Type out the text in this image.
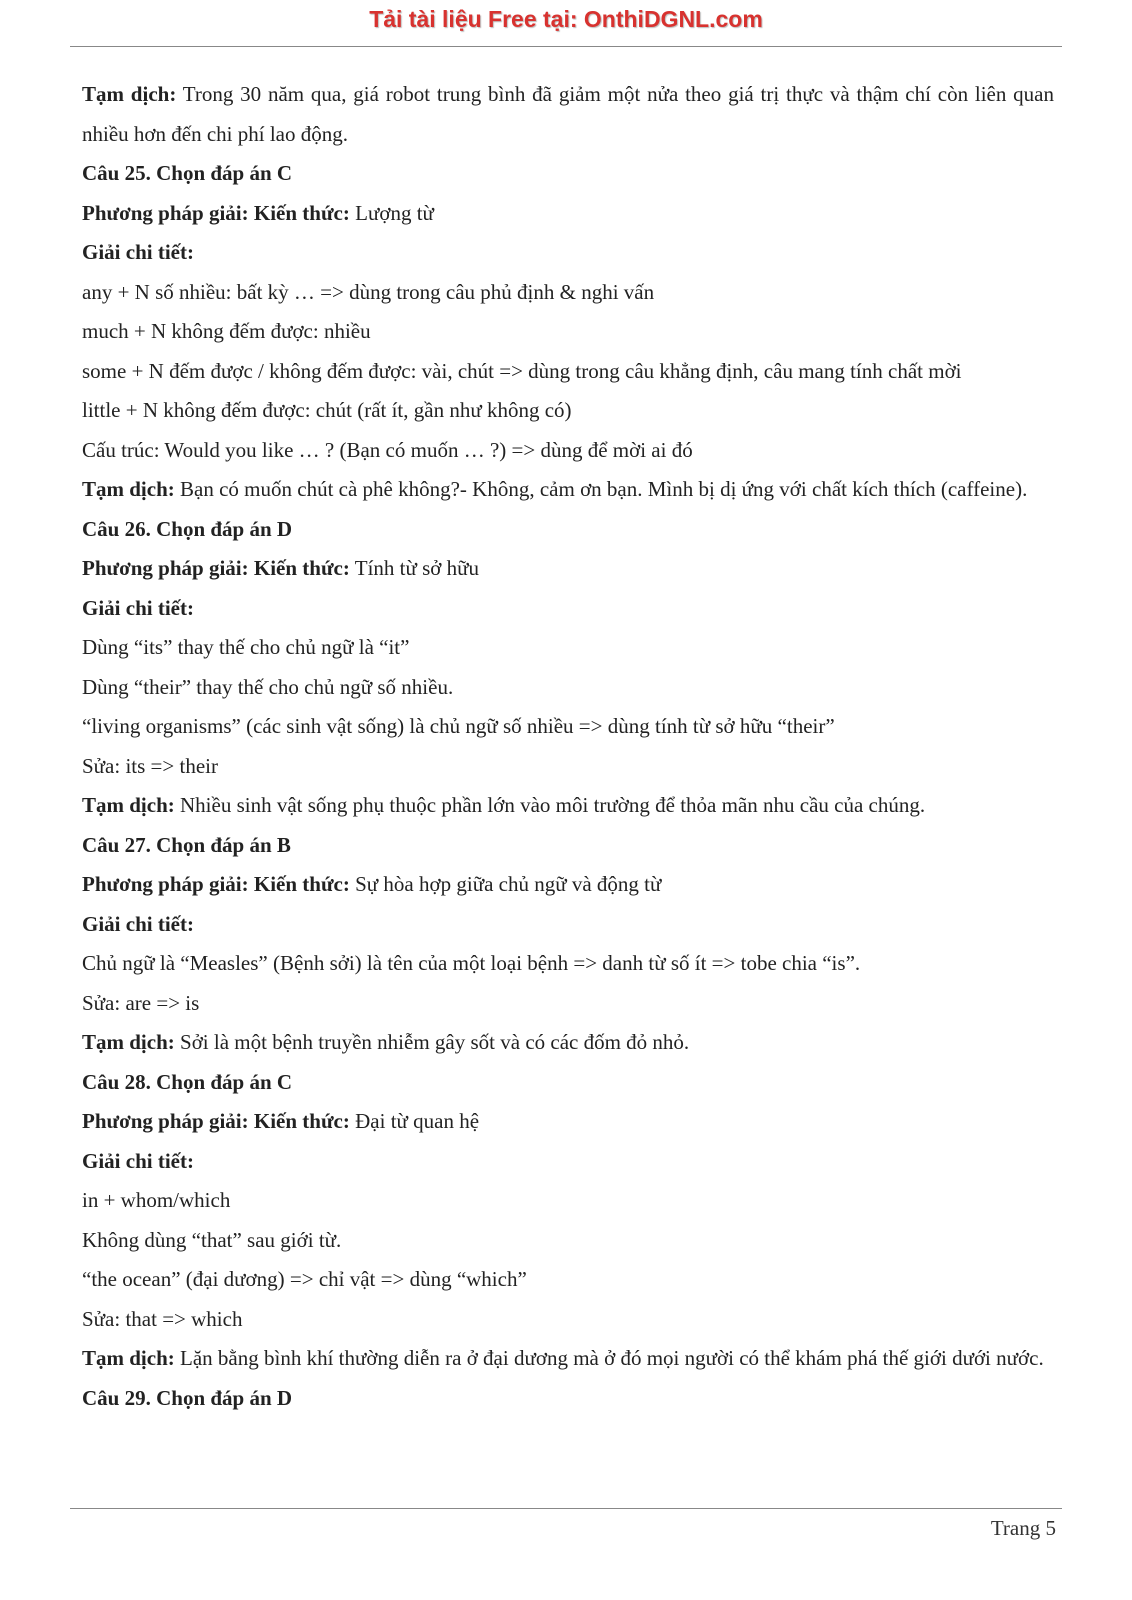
Tải tài liệu Free tại: OnthiDGNL.com

Tạm dịch: Trong 30 năm qua, giá robot trung bình đã giảm một nửa theo giá trị thực và thậm chí còn liên quan nhiều hơn đến chi phí lao động.

Câu 25. Chọn đáp án C

Phương pháp giải: Kiến thức: Lượng từ

Giải chi tiết:

any + N số nhiều: bất kỳ … => dùng trong câu phủ định & nghi vấn

much + N không đếm được: nhiều

some + N đếm được / không đếm được: vài, chút => dùng trong câu khẳng định, câu mang tính chất mời

little + N không đếm được: chút (rất ít, gần như không có)

Cấu trúc: Would you like … ? (Bạn có muốn … ?) => dùng để mời ai đó

Tạm dịch: Bạn có muốn chút cà phê không?- Không, cảm ơn bạn. Mình bị dị ứng với chất kích thích (caffeine).

Câu 26. Chọn đáp án D

Phương pháp giải: Kiến thức: Tính từ sở hữu

Giải chi tiết:

Dùng “its” thay thế cho chủ ngữ là “it”

Dùng “their” thay thế cho chủ ngữ số nhiều.

“living organisms” (các sinh vật sống) là chủ ngữ số nhiều => dùng tính từ sở hữu “their”

Sửa: its => their

Tạm dịch: Nhiều sinh vật sống phụ thuộc phần lớn vào môi trường để thỏa mãn nhu cầu của chúng.

Câu 27. Chọn đáp án B

Phương pháp giải: Kiến thức: Sự hòa hợp giữa chủ ngữ và động từ

Giải chi tiết:

Chủ ngữ là “Measles” (Bệnh sởi) là tên của một loại bệnh => danh từ số ít => tobe chia “is”.

Sửa: are => is

Tạm dịch: Sởi là một bệnh truyền nhiễm gây sốt và có các đốm đỏ nhỏ.

Câu 28. Chọn đáp án C

Phương pháp giải: Kiến thức: Đại từ quan hệ

Giải chi tiết:

in + whom/which

Không dùng “that” sau giới từ.

“the ocean” (đại dương) => chỉ vật => dùng “which”

Sửa: that => which

Tạm dịch: Lặn bằng bình khí thường diễn ra ở đại dương mà ở đó mọi người có thể khám phá thế giới dưới nước.

Câu 29. Chọn đáp án D

Trang 5
